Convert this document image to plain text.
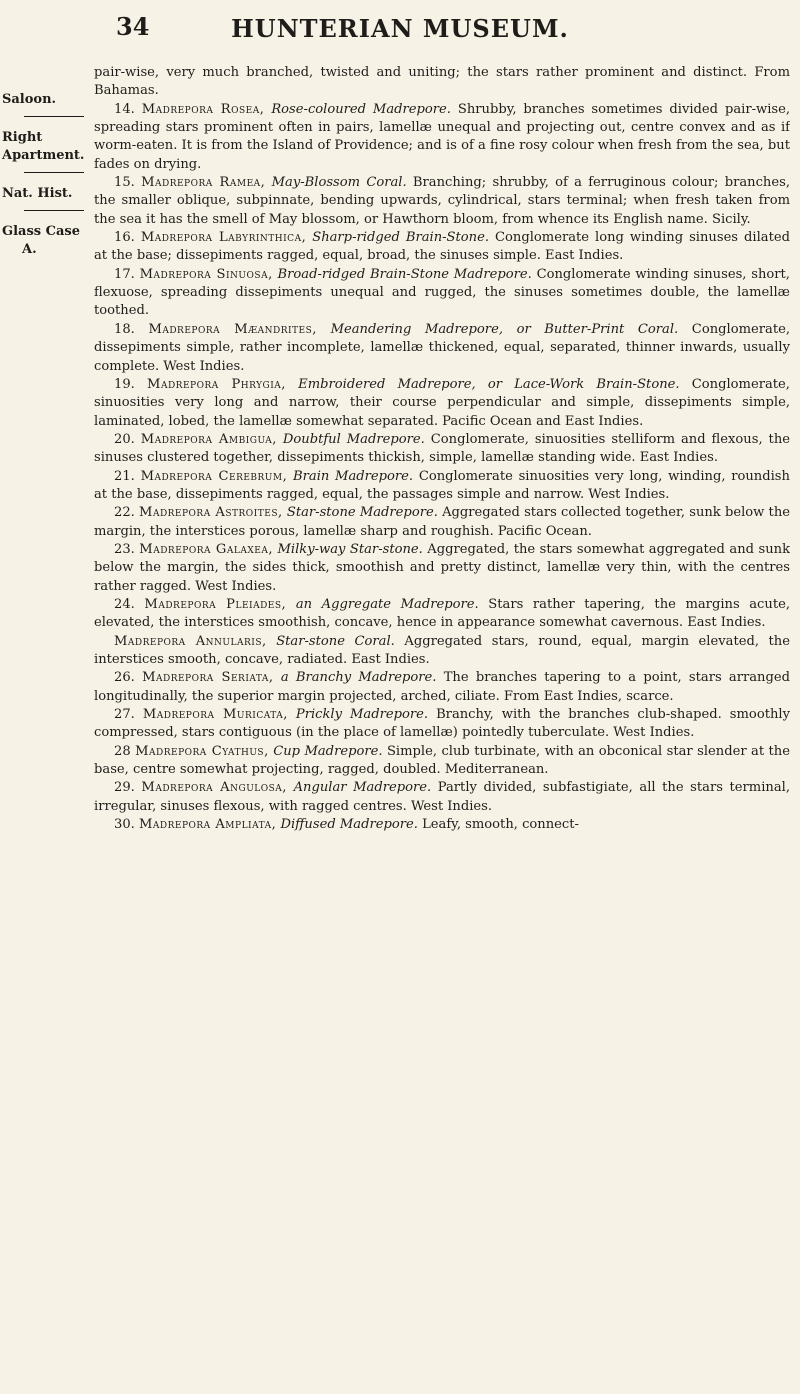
34	HUNTERIAN MUSEUM.
Saloon.
Right
Apartment.
Nat. Hist.
Glass Case
A.

pair-wise, very much branched, twisted and uniting; the stars rather prominent and distinct. From Bahamas.

14. Madrepora Rosea, Rose-coloured Madrepore. Shrubby, branches sometimes divided pair-wise, spreading stars prominent often in pairs, lamellæ unequal and projecting out, centre convex and as if worm-eaten. It is from the Island of Providence; and is of a fine rosy colour when fresh from the sea, but fades on drying.

15. Madrepora Ramea, May-Blossom Coral. Branching; shrubby, of a ferruginous colour; branches, the smaller oblique, subpinnate, bending upwards, cylindrical, stars terminal; when fresh taken from the sea it has the smell of May blossom, or Hawthorn bloom, from whence its English name. Sicily.

16. Madrepora Labyrinthica, Sharp-ridged Brain-Stone. Conglomerate long winding sinuses dilated at the base; dissepiments ragged, equal, broad, the sinuses simple. East Indies.

17. Madrepora Sinuosa, Broad-ridged Brain-Stone Madrepore. Conglomerate winding sinuses, short, flexuose, spreading dissepiments unequal and rugged, the sinuses sometimes double, the lamellæ toothed.

18. Madrepora Mæandrites, Meandering Madrepore, or Butter-Print Coral. Conglomerate, dissepiments simple, rather incomplete, lamellæ thickened, equal, separated, thinner inwards, usually complete. West Indies.

19. Madrepora Phrygia, Embroidered Madrepore, or Lace-Work Brain-Stone. Conglomerate, sinuosities very long and narrow, their course perpendicular and simple, dissepiments simple, laminated, lobed, the lamellæ somewhat separated. Pacific Ocean and East Indies.

20. Madrepora Ambigua, Doubtful Madrepore. Conglomerate, sinuosities stelliform and flexous, the sinuses clustered together, dissepiments thickish, simple, lamellæ standing wide. East Indies.

21. Madrepora Cerebrum, Brain Madrepore. Conglomerate sinuosities very long, winding, roundish at the base, dissepiments ragged, equal, the passages simple and narrow. West Indies.

22. Madrepora Astroites, Star-stone Madrepore. Aggregated stars collected together, sunk below the margin, the interstices porous, lamellæ sharp and roughish. Pacific Ocean.

23. Madrepora Galaxea, Milky-way Star-stone. Aggregated, the stars somewhat aggregated and sunk below the margin, the sides thick, smoothish and pretty distinct, lamellæ very thin, with the centres rather ragged. West Indies.

24. Madrepora Pleiades, an Aggregate Madrepore. Stars rather tapering, the margins acute, elevated, the interstices smoothish, concave, hence in appearance somewhat cavernous. East Indies.

Madrepora Annularis, Star-stone Coral. Aggregated stars, round, equal, margin elevated, the interstices smooth, concave, radiated. East Indies.

26. Madrepora Seriata, a Branchy Madrepore. The branches tapering to a point, stars arranged longitudinally, the superior margin projected, arched, ciliate. From East Indies, scarce.

27. Madrepora Muricata, Prickly Madrepore. Branchy, with the branches club-shaped. smoothly compressed, stars contiguous (in the place of lamellæ) pointedly tuberculate. West Indies.

28 Madrepora Cyathus, Cup Madrepore. Simple, club turbinate, with an obconical star slender at the base, centre somewhat projecting, ragged, doubled. Mediterranean.

29. Madrepora Angulosa, Angular Madrepore. Partly divided, subfastigiate, all the stars terminal, irregular, sinuses flexous, with ragged centres. West Indies.

30. Madrepora Ampliata, Diffused Madrepore. Leafy, smooth, connect-
